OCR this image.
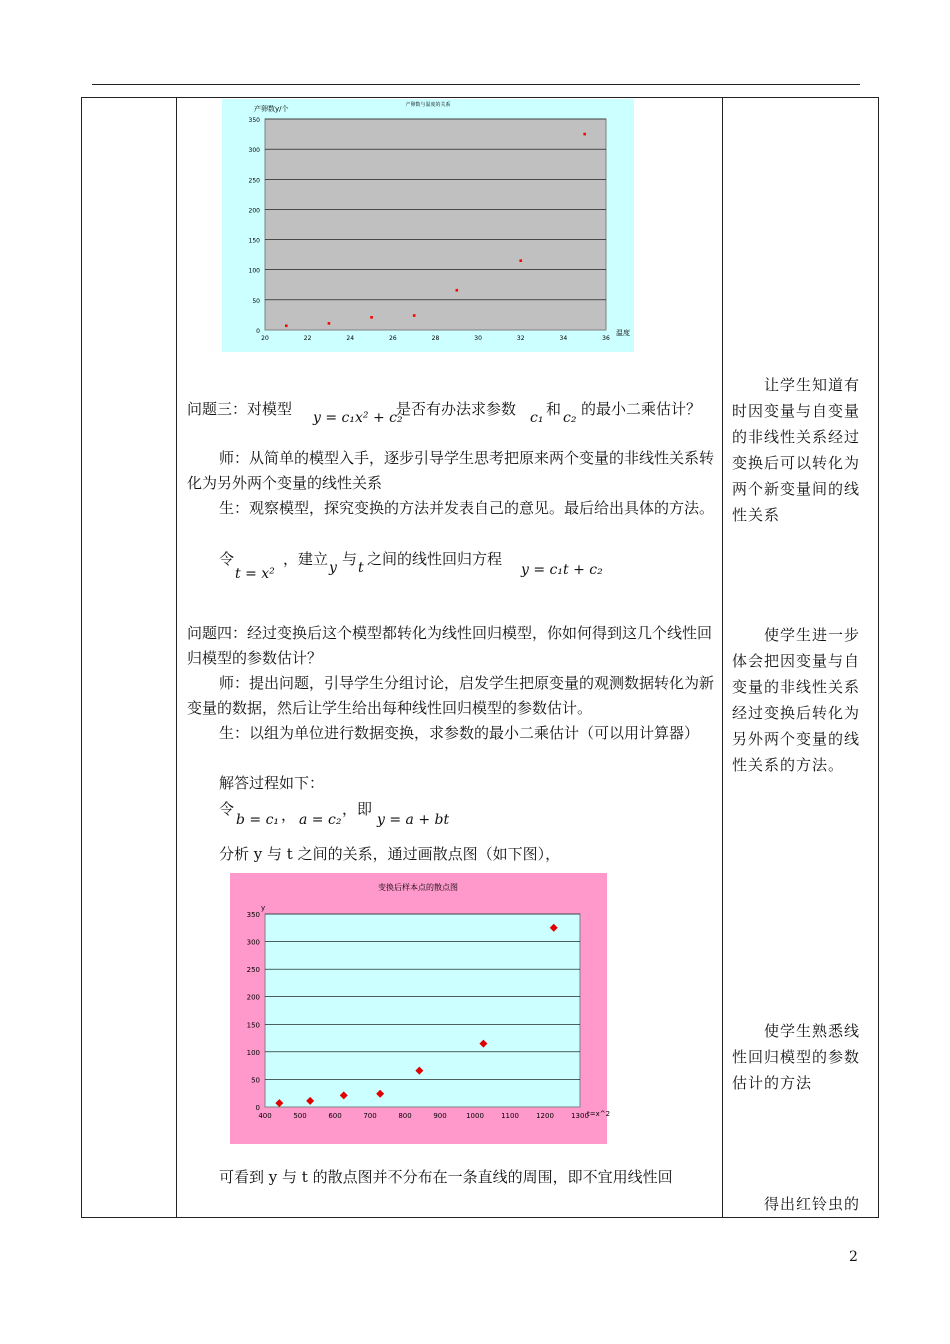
0
50
100
150
200
250
300
350
20	22	24	26	28	30	32	34	36
产卵数与温度的关系
产卵数y/个
温度
问题三：对模型 y = c₁x² + c₂
是否有办法求参数 c₁ 和 c₂ 的最小二乘估计？
师：从简单的模型入手，逐步引导学生思考把原来两个变量的非线性关系转化为另外两个变量的线性关系
生：观察模型，探究变换的方法并发表自己的意见。最后给出具体的方法。
令
t = x²
，建立 y 与 t 之间的线性回归方程
y = c₁t + c₂
问题四：经过变换后这个模型都转化为线性回归模型，你如何得到这几个线性回归模型的参数估计？
师：提出问题，引导学生分组讨论，启发学生把原变量的观测数据转化为新变量的数据，然后让学生给出每种线性回归模型的参数估计。
生：以组为单位进行数据变换，求参数的最小二乘估计（可以用计算器）
解答过程如下：
令
b = c₁ ， a = c₂
，即
y = a + bt
分析 y 与 t 之间的关系，通过画散点图（如下图），
0
50
100
150
200
250
300
350
400	500	600	700	800	900	1000 1100 1200 1300
变换后样本点的散点图
y
t=x^2
可看到 y 与 t 的散点图并不分布在一条直线的周围，即不宜用线性回
让学生知道有时因变量与自变量的非线性关系经过变换后可以转化为两个新变量间的线性关系
使学生进一步体会把因变量与自变量的非线性关系经过变换后转化为另外两个变量的线性关系的方法。
使学生熟悉线性回归模型的参数估计的方法
得出红铃虫的
2
